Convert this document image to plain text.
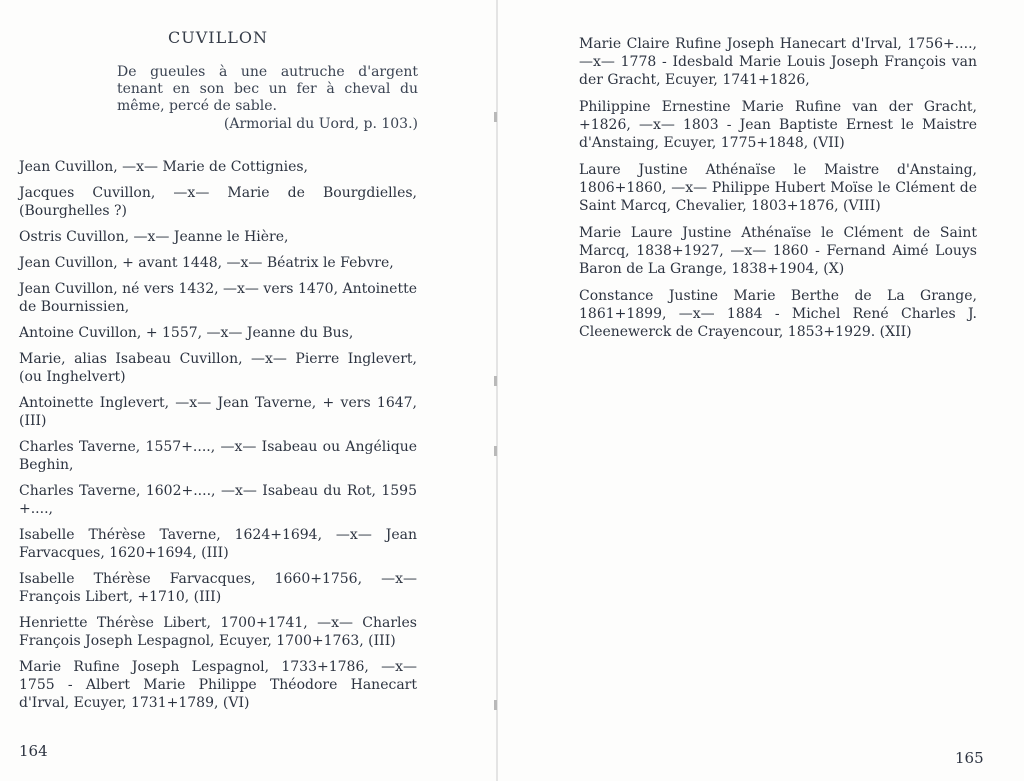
CUVILLON
De gueules à une autruche d'argent tenant en son bec un fer à cheval du même, percé de sable.
(Armorial du Uord, p. 103.)
Jean Cuvillon, —x— Marie de Cottignies,
Jacques Cuvillon, —x— Marie de Bourgdielles, (Bourghelles ?)
Ostris Cuvillon, —x— Jeanne le Hière,
Jean Cuvillon, + avant 1448, —x— Béatrix le Febvre,
Jean Cuvillon, né vers 1432, —x— vers 1470, Antoinette de Bournissien,
Antoine Cuvillon, + 1557, —x— Jeanne du Bus,
Marie, alias Isabeau Cuvillon, —x— Pierre Inglevert, (ou Inghelvert)
Antoinette Inglevert, —x— Jean Taverne, + vers 1647, (III)
Charles Taverne, 1557+...., —x— Isabeau ou Angélique Beghin,
Charles Taverne, 1602+...., —x— Isabeau du Rot, 1595 +....,
Isabelle Thérèse Taverne, 1624+1694, —x— Jean Farvacques, 1620+1694, (III)
Isabelle Thérèse Farvacques, 1660+1756, —x— François Libert, +1710, (III)
Henriette Thérèse Libert, 1700+1741, —x— Charles François Joseph Lespagnol, Ecuyer, 1700+1763, (III)
Marie Rufine Joseph Lespagnol, 1733+1786, —x— 1755 - Albert Marie Philippe Théodore Hanecart d'Irval, Ecuyer, 1731+1789, (VI)
164
Marie Claire Rufine Joseph Hanecart d'Irval, 1756+...., —x— 1778 - Idesbald Marie Louis Joseph François van der Gracht, Ecuyer, 1741+1826,
Philippine Ernestine Marie Rufine van der Gracht, +1826, —x— 1803 - Jean Baptiste Ernest le Maistre d'Anstaing, Ecuyer, 1775+1848, (VII)
Laure Justine Athénaïse le Maistre d'Anstaing, 1806+1860, —x— Philippe Hubert Moïse le Clément de Saint Marcq, Chevalier, 1803+1876, (VIII)
Marie Laure Justine Athénaïse le Clément de Saint Marcq, 1838+1927, —x— 1860 - Fernand Aimé Louys Baron de La Grange, 1838+1904, (X)
Constance Justine Marie Berthe de La Grange, 1861+1899, —x— 1884 - Michel René Charles J. Cleenewerck de Crayencour, 1853+1929. (XII)
165
